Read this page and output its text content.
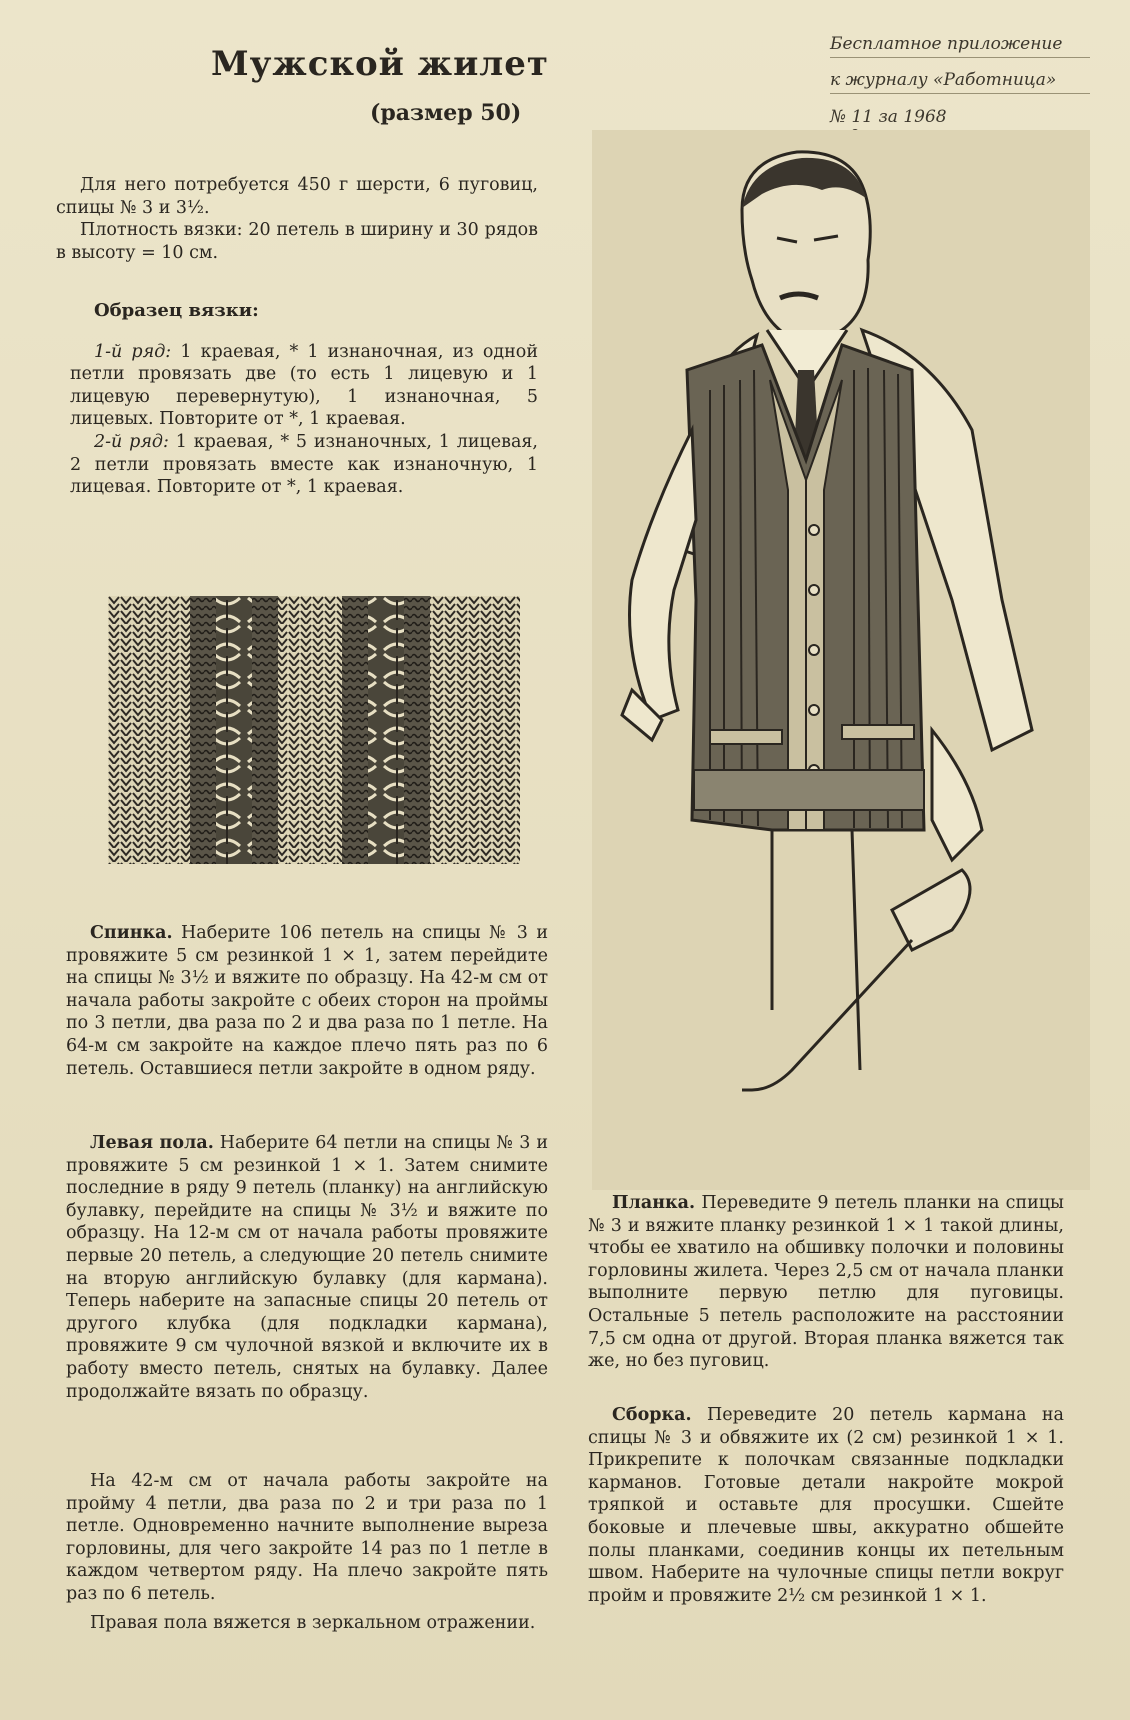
Мужской жилет
(размер 50)
Бесплатное приложение
к журналу «Работница»
№ 11 за 1968

Для него потребуется 450 г шерсти, 6 пуговиц, спицы № 3 и 3½.

Плотность вязки: 20 петель в ширину и 30 рядов в высоту = 10 см.

Образец вязки:

1-й ряд: 1 краевая, * 1 изнаночная, из одной петли провязать две (то есть 1 лицевую и 1 лицевую перевернутую), 1 изнаночная, 5 лицевых. Повторите от *, 1 краевая.

2-й ряд: 1 краевая, * 5 изнаночных, 1 лицевая, 2 петли провязать вместе как изнаночную, 1 лицевая. Повторите от *, 1 краевая.

Спинка. Наберите 106 петель на спицы № 3 и провяжите 5 см резинкой 1 × 1, затем перейдите на спицы № 3½ и вяжите по образцу. На 42-м см от начала работы закройте с обеих сторон на проймы по 3 петли, два раза по 2 и два раза по 1 петле. На 64-м см закройте на каждое плечо пять раз по 6 петель. Оставшиеся петли закройте в одном ряду.

Левая пола. Наберите 64 петли на спицы № 3 и провяжите 5 см резинкой 1 × 1. Затем снимите последние в ряду 9 петель (планку) на английскую булавку, перейдите на спицы № 3½ и вяжите по образцу. На 12-м см от начала работы провяжите первые 20 петель, а следующие 20 петель снимите на вторую английскую булавку (для кармана). Теперь наберите на запасные спицы 20 петель от другого клубка (для подкладки кармана), провяжите 9 см чулочной вязкой и включите их в работу вместо петель, снятых на булавку. Далее продолжайте вязать по образцу.

На 42-м см от начала работы закройте на пройму 4 петли, два раза по 2 и три раза по 1 петле. Одновременно начните выполнение выреза горловины, для чего закройте 14 раз по 1 петле в каждом четвертом ряду. На плечо закройте пять раз по 6 петель.

Правая пола вяжется в зеркальном отражении.

Планка. Переведите 9 петель планки на спицы № 3 и вяжите планку резинкой 1 × 1 такой длины, чтобы ее хватило на обшивку полочки и половины горловины жилета. Через 2,5 см от начала планки выполните первую петлю для пуговицы. Остальные 5 петель расположите на расстоянии 7,5 см одна от другой. Вторая планка вяжется так же, но без пуговиц.

Сборка. Переведите 20 петель кармана на спицы № 3 и обвяжите их (2 см) резинкой 1 × 1. Прикрепите к полочкам связанные подкладки карманов. Готовые детали накройте мокрой тряпкой и оставьте для просушки. Сшейте боковые и плечевые швы, аккуратно обшейте полы планками, соединив концы их петельным швом. Наберите на чулочные спицы петли вокруг пройм и провяжите 2½ см резинкой 1 × 1.
